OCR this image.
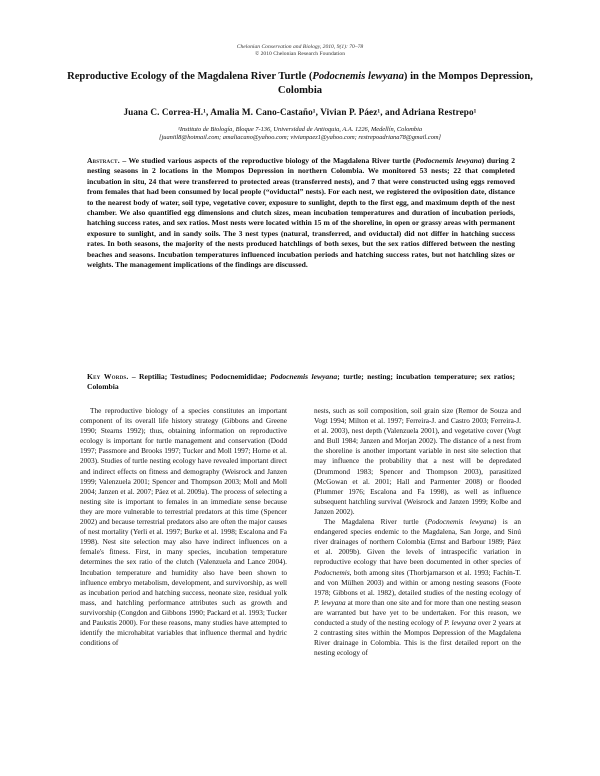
Chelonian Conservation and Biology, 2010, 9(1): 70–78
© 2010 Chelonian Research Foundation
Reproductive Ecology of the Magdalena River Turtle (Podocnemis lewyana) in the Mompos Depression, Colombia
Juana C. Correa-H.¹, Amalia M. Cano-Castaño¹, Vivian P. Páez¹, and Adriana Restrepo¹
¹Instituto de Biología, Bloque 7-136, Universidad de Antioquia, A.A. 1226, Medellín, Colombia
[juaniil8@hotmail.com; amaliacano@yahoo.com; vivianpaez1@yahoo.com; restrepoadriana78@gmail.com]
Abstract. – We studied various aspects of the reproductive biology of the Magdalena River turtle (Podocnemis lewyana) during 2 nesting seasons in 2 locations in the Mompos Depression in northern Colombia. We monitored 53 nests; 22 that completed incubation in situ, 24 that were transferred to protected areas (transferred nests), and 7 that were constructed using eggs removed from females that had been consumed by local people (“oviductal” nests). For each nest, we registered the oviposition date, distance to the nearest body of water, soil type, vegetative cover, exposure to sunlight, depth to the first egg, and maximum depth of the nest chamber. We also quantified egg dimensions and clutch sizes, mean incubation temperatures and duration of incubation periods, hatching success rates, and sex ratios. Most nests were located within 15 m of the shoreline, in open or grassy areas with permanent exposure to sunlight, and in sandy soils. The 3 nest types (natural, transferred, and oviductal) did not differ in hatching success rates. In both seasons, the majority of the nests produced hatchlings of both sexes, but the sex ratios differed between the nesting beaches and seasons. Incubation temperatures influenced incubation periods and hatching success rates, but not hatchling sizes or weights. The management implications of the findings are discussed.
Key Words. – Reptilia; Testudines; Podocnemididae; Podocnemis lewyana; turtle; nesting; incubation temperature; sex ratios; Colombia

The reproductive biology of a species constitutes an important component of its overall life history strategy (Gibbons and Greene 1990; Stearns 1992); thus, obtaining information on reproductive ecology is important for turtle management and conservation (Dodd 1997; Passmore and Brooks 1997; Tucker and Moll 1997; Horne et al. 2003). Studies of turtle nesting ecology have revealed important direct and indirect effects on fitness and demography (Weisrock and Janzen 1999; Valenzuela 2001; Spencer and Thompson 2003; Moll and Moll 2004; Janzen et al. 2007; Páez et al. 2009a). The process of selecting a nesting site is important to females in an immediate sense because they are more vulnerable to terrestrial predators at this time (Spencer 2002) and because terrestrial predators also are often the major causes of nest mortality (Yerli et al. 1997; Burke et al. 1998; Escalona and Fa 1998). Nest site selection may also have indirect influences on a female's fitness. First, in many species, incubation temperature determines the sex ratio of the clutch (Valenzuela and Lance 2004). Incubation temperature and humidity also have been shown to influence embryo metabolism, development, and survivorship, as well as incubation period and hatching success, neonate size, residual yolk mass, and hatchling performance attributes such as growth and survivorship (Congdon and Gibbons 1990; Packard et al. 1993; Tucker and Paukstis 2000). For these reasons, many studies have attempted to identify the microhabitat variables that influence thermal and hydric conditions of

nests, such as soil composition, soil grain size (Remor de Souza and Vogt 1994; Milton et al. 1997; Ferreira-J. and Castro 2003; Ferreira-J. et al. 2003), nest depth (Valenzuela 2001), and vegetative cover (Vogt and Bull 1984; Janzen and Morjan 2002). The distance of a nest from the shoreline is another important variable in nest site selection that may influence the probability that a nest will be depredated (Drummond 1983; Spencer and Thompson 2003), parasitized (McGowan et al. 2001; Hall and Parmenter 2008) or flooded (Plummer 1976; Escalona and Fa 1998), as well as influence subsequent hatchling survival (Weisrock and Janzen 1999; Kolbe and Janzen 2002).

The Magdalena River turtle (Podocnemis lewyana) is an endangered species endemic to the Magdalena, San Jorge, and Sinú river drainages of northern Colombia (Ernst and Barbour 1989; Páez et al. 2009b). Given the levels of intraspecific variation in reproductive ecology that have been documented in other species of Podocnemis, both among sites (Thorbjarnarson et al. 1993; Fachín-T. and von Mülhen 2003) and within or among nesting seasons (Foote 1978; Gibbons et al. 1982), detailed studies of the nesting ecology of P. lewyana at more than one site and for more than one nesting season are warranted but have yet to be undertaken. For this reason, we conducted a study of the nesting ecology of P. lewyana over 2 years at 2 contrasting sites within the Mompos Depression of the Magdalena River drainage in Colombia. This is the first detailed report on the nesting ecology of
